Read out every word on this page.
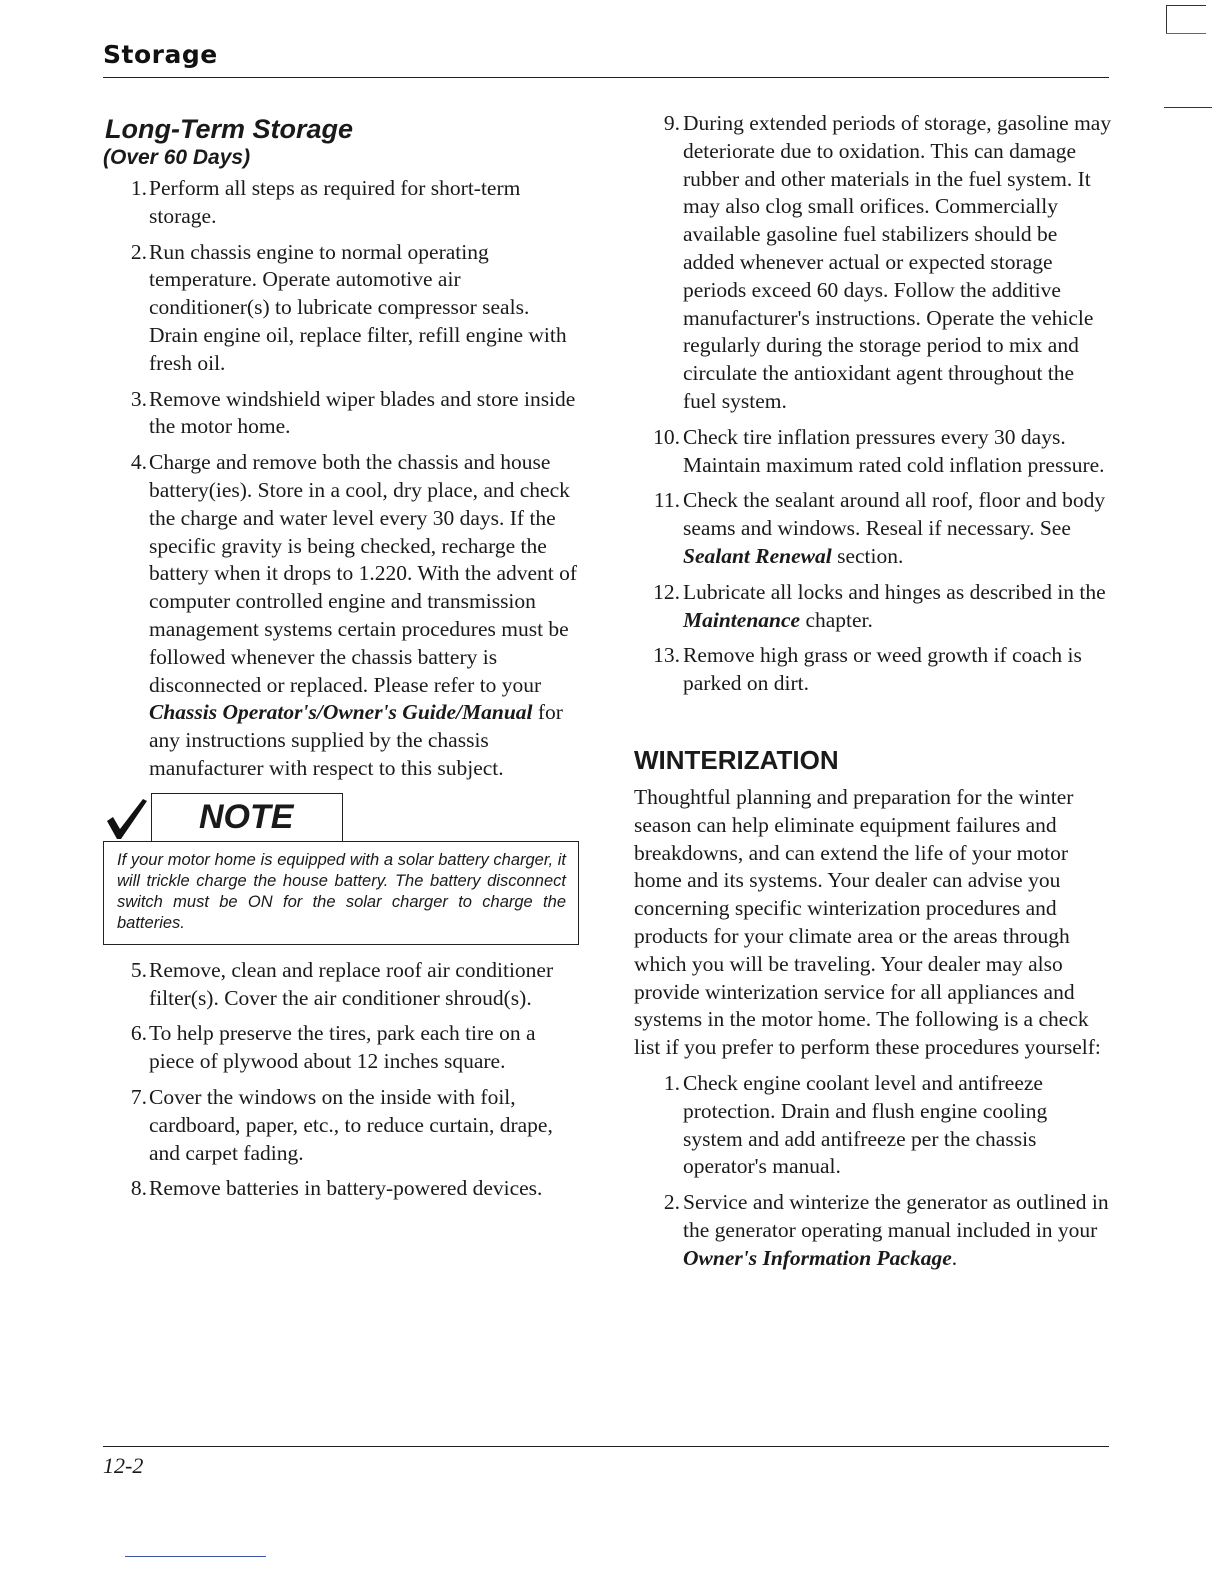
Storage
Long-Term Storage
(Over 60 Days)
1. Perform all steps as required for short-term storage.
2. Run chassis engine to normal operating temperature. Operate automotive air conditioner(s) to lubricate compressor seals. Drain engine oil, replace filter, refill engine with fresh oil.
3. Remove windshield wiper blades and store inside the motor home.
4. Charge and remove both the chassis and house battery(ies). Store in a cool, dry place, and check the charge and water level every 30 days. If the specific gravity is being checked, recharge the battery when it drops to 1.220. With the advent of computer controlled engine and transmission management systems certain procedures must be followed whenever the chassis battery is disconnected or replaced. Please refer to your Chassis Operator's/Owner's Guide/Manual for any instructions supplied by the chassis manufacturer with respect to this subject.
NOTE
If your motor home is equipped with a solar battery charger, it will trickle charge the house battery. The battery disconnect switch must be ON for the solar charger to charge the batteries.
5. Remove, clean and replace roof air conditioner filter(s). Cover the air conditioner shroud(s).
6. To help preserve the tires, park each tire on a piece of plywood about 12 inches square.
7. Cover the windows on the inside with foil, cardboard, paper, etc., to reduce curtain, drape, and carpet fading.
8. Remove batteries in battery-powered devices.
9. During extended periods of storage, gasoline may deteriorate due to oxidation. This can damage rubber and other materials in the fuel system. It may also clog small orifices. Commercially available gasoline fuel stabilizers should be added whenever actual or expected storage periods exceed 60 days. Follow the additive manufacturer's instructions. Operate the vehicle regularly during the storage period to mix and circulate the antioxidant agent throughout the fuel system.
10. Check tire inflation pressures every 30 days. Maintain maximum rated cold inflation pressure.
11. Check the sealant around all roof, floor and body seams and windows. Reseal if necessary. See Sealant Renewal section.
12. Lubricate all locks and hinges as described in the Maintenance chapter.
13. Remove high grass or weed growth if coach is parked on dirt.
WINTERIZATION

Thoughtful planning and preparation for the winter season can help eliminate equipment failures and breakdowns, and can extend the life of your motor home and its systems. Your dealer can advise you concerning specific winterization procedures and products for your climate area or the areas through which you will be traveling. Your dealer may also provide winterization service for all appliances and systems in the motor home. The following is a check list if you prefer to perform these procedures yourself:

1. Check engine coolant level and antifreeze protection. Drain and flush engine cooling system and add antifreeze per the chassis operator's manual.
2. Service and winterize the generator as outlined in the generator operating manual included in your Owner's Information Package.
12-2
